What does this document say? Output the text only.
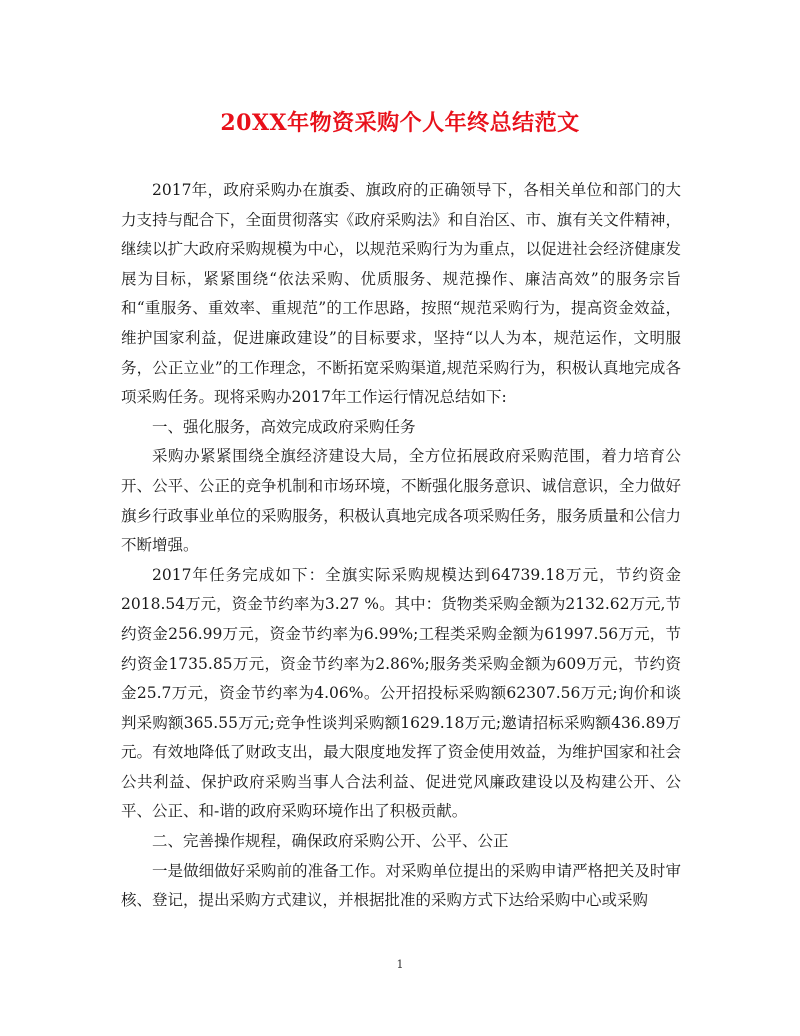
20XX年物资采购个人年终总结范文

2017年，政府采购办在旗委、旗政府的正确领导下，各相关单位和部门的大力支持与配合下，全面贯彻落实《政府采购法》和自治区、市、旗有关文件精神，继续以扩大政府采购规模为中心，以规范采购行为为重点，以促进社会经济健康发展为目标，紧紧围绕“依法采购、优质服务、规范操作、廉洁高效”的服务宗旨和“重服务、重效率、重规范”的工作思路，按照“规范采购行为，提高资金效益，维护国家利益，促进廉政建设”的目标要求，坚持“以人为本，规范运作，文明服务，公正立业”的工作理念，不断拓宽采购渠道,规范采购行为，积极认真地完成各项采购任务。现将采购办2017年工作运行情况总结如下:

一、强化服务，高效完成政府采购任务

采购办紧紧围绕全旗经济建设大局，全方位拓展政府采购范围，着力培育公开、公平、公正的竞争机制和市场环境，不断强化服务意识、诚信意识，全力做好旗乡行政事业单位的采购服务，积极认真地完成各项采购任务，服务质量和公信力不断增强。

2017年任务完成如下：全旗实际采购规模达到64739.18万元，节约资金2018.54万元，资金节约率为3.27 %。其中：货物类采购金额为2132.62万元,节约资金256.99万元，资金节约率为6.99%;工程类采购金额为61997.56万元，节约资金1735.85万元，资金节约率为2.86%;服务类采购金额为609万元，节约资金25.7万元，资金节约率为4.06%。公开招投标采购额62307.56万元;询价和谈判采购额365.55万元;竞争性谈判采购额1629.18万元;邀请招标采购额436.89万元。有效地降低了财政支出，最大限度地发挥了资金使用效益，为维护国家和社会公共利益、保护政府采购当事人合法利益、促进党风廉政建设以及构建公开、公平、公正、和-谐的政府采购环境作出了积极贡献。

二、完善操作规程，确保政府采购公开、公平、公正

一是做细做好采购前的准备工作。对采购单位提出的采购申请严格把关及时审核、登记，提出采购方式建议，并根据批准的采购方式下达给采购中心或采购

1
